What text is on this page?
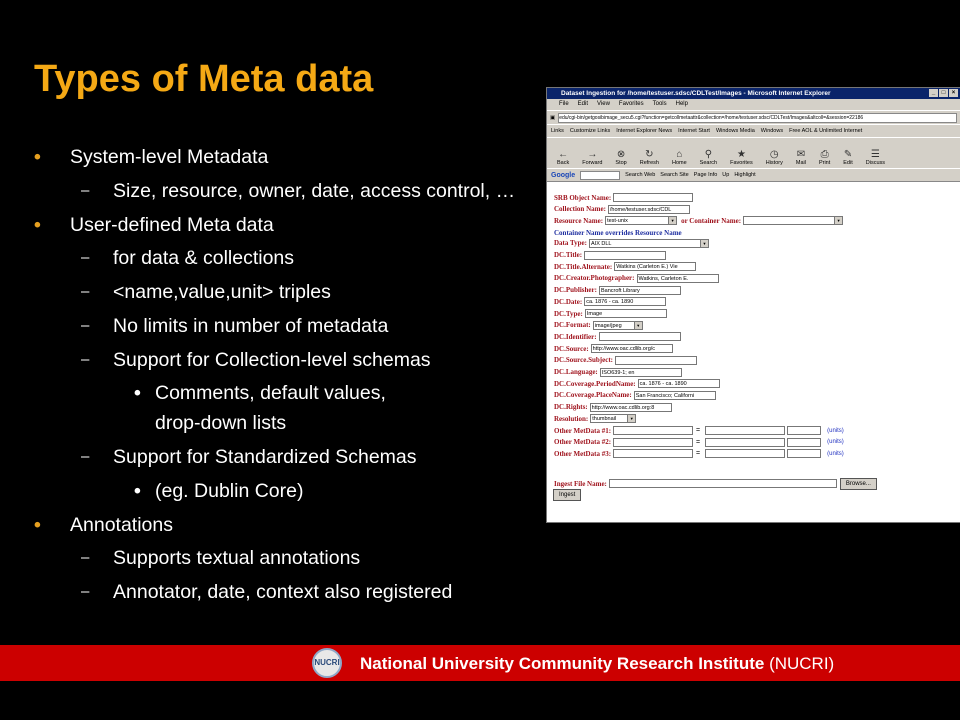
Types of Meta data
• System-level Metadata
– Size, resource, owner, date, access control, …
• User-defined Meta data
– for data & collections
– <name,value,unit> triples
– No limits in number of metadata
– Support for Collection-level schemas
• Comments, default values,
drop-down lists
– Support for Standardized Schemas
• (eg. Dublin Core)
• Annotations
– Supports textual annotations
– Annotator, date, context also registered
Dataset Ingestion for /home/testuser.sdsc/CDLTest/Images - Microsoft Internet Explorer	_	□	×
File Edit View Favorites Tools Help
▣ edu/cgi-bin/getgosibimage_secu5.cgi?function=getcollmetaattr&collection=/home/testuser.sdsc/CDLTest/Images&altcoll=&session=22186
Links Customize Links Internet Explorer News Internet Start Windows Media Windows Free AOL & Unlimited Internet
←
Back
→
Forward
⊗
Stop
↻
Refresh
⌂
Home
⚲
Search
★
Favorites
◷
History
✉
Mail
⎙
Print
✎
Edit
☰
Discuss
Google	Search Web Search Site Page Info Up Highlight
SRB Object Name:
Collection Name: /home/testuser.sdsc/CDL
Resource Name: test-unix	▼ or Container Name:	▼
Container Name overrides Resource Name
Data Type: AIX DLL	▼
DC.Title:
DC.Title.Alternate: Watkins (Carleton E.) Vie
DC.Creator.Photographer: Watkins, Carleton E.
DC.Publisher: Bancroft Library
DC.Date: ca. 1876 - ca. 1890
DC.Type: Image
DC.Format: image/jpeg	▼
DC.Identifier:
DC.Source: http://www.oac.cdlib.org/c
DC.Source.Subject:
DC.Language: ISO639-1; en
DC.Coverage.PeriodName: ca. 1876 - ca. 1890
DC.Coverage.PlaceName: San Francisco; Californi
DC.Rights: http://www.oac.cdlib.org:8
Resolution: thumbnail	▼
Other MetData #1:	=	(units)
Other MetData #2:	=	(units)
Other MetData #3:	=	(units)
Ingest File Name:	Browse...
Ingest
NUCRI National University Community Research Institute (NUCRI)
